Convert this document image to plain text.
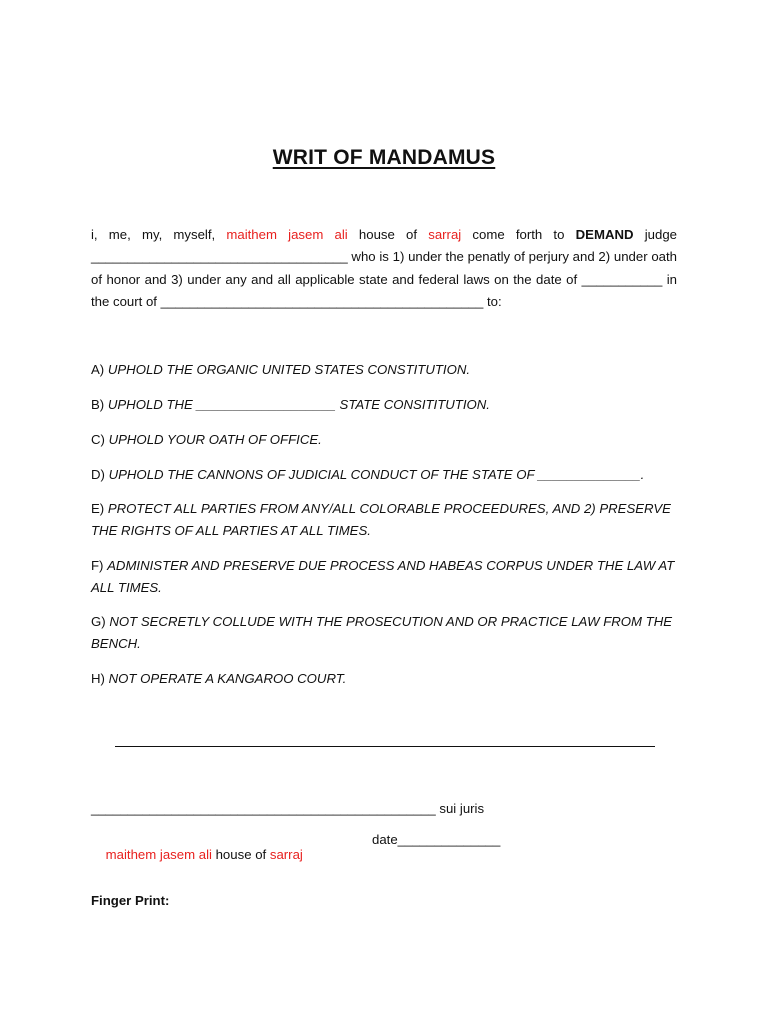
WRIT OF MANDAMUS
i, me, my, myself, maithem jasem ali house of sarraj come forth to DEMAND judge ___________________________________ who is 1) under the penatly of perjury and 2) under oath of honor and 3) under any and all applicable state and federal laws on the date of ___________ in the court of ____________________________________________ to:
A) UPHOLD THE ORGANIC UNITED STATES CONSTITUTION.
B) UPHOLD THE ___________________ STATE CONSITITUTION.
C) UPHOLD YOUR OATH OF OFFICE.
D) UPHOLD THE CANNONS OF JUDICIAL CONDUCT OF THE STATE OF ______________.
E) PROTECT ALL PARTIES FROM ANY/ALL COLORABLE PROCEEDURES, AND 2) PRESERVE THE RIGHTS OF ALL PARTIES AT ALL TIMES.
F) ADMINISTER AND PRESERVE DUE PROCESS AND HABEAS CORPUS UNDER THE LAW AT ALL TIMES.
G) NOT SECRETLY COLLUDE WITH THE PROSECUTION AND OR PRACTICE LAW FROM THE BENCH.
H) NOT OPERATE A KANGAROO COURT.
_______________________________________________ sui juris

maithem jasem ali house of sarraj

date______________
Finger Print:
